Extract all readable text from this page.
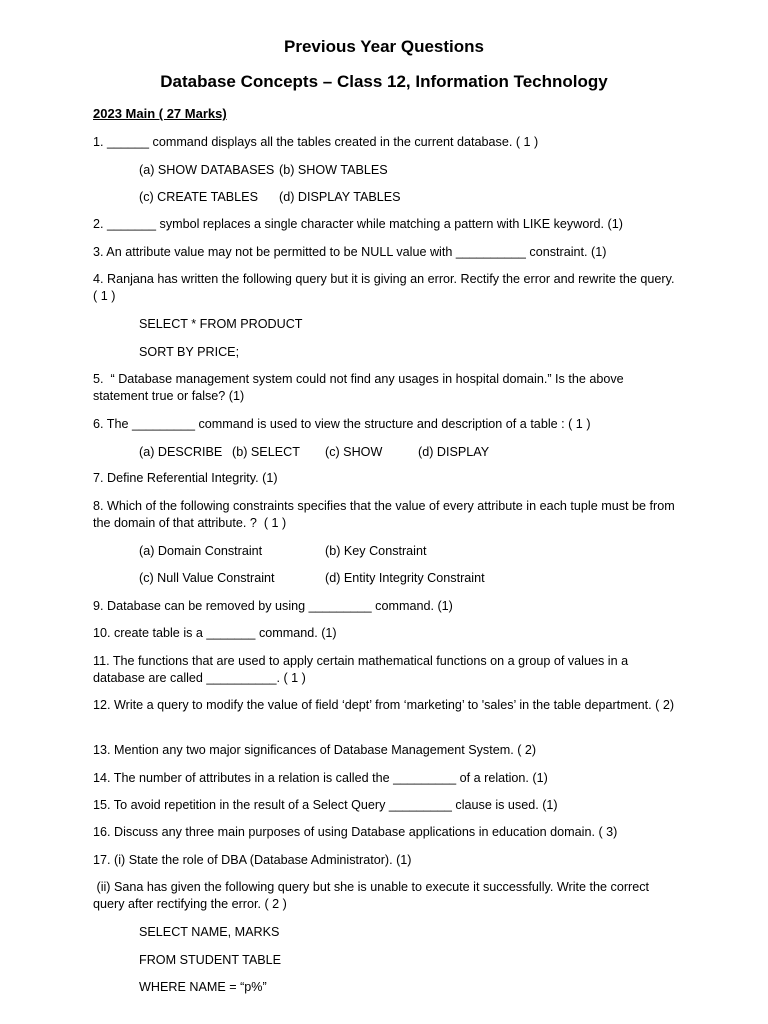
Previous Year Questions
Database Concepts – Class 12, Information Technology
2023 Main ( 27 Marks)
1. ______ command displays all the tables created in the current database. ( 1 )
(a) SHOW DATABASES (b) SHOW TABLES
(c) CREATE TABLES (d) DISPLAY TABLES
2. _______ symbol replaces a single character while matching a pattern with LIKE keyword. (1)
3. An attribute value may not be permitted to be NULL value with __________ constraint. (1)
4. Ranjana has written the following query but it is giving an error. Rectify the error and rewrite the query.  ( 1 )
SELECT * FROM PRODUCT
SORT BY PRICE;
5.  “ Database management system could not find any usages in hospital domain.” Is the above statement true or false? (1)
6. The _________ command is used to view the structure and description of a table : ( 1 )
(a) DESCRIBE (b) SELECT (c) SHOW	(d) DISPLAY
7. Define Referential Integrity. (1)
8. Which of the following constraints specifies that the value of every attribute in each tuple must be from the domain of that attribute. ?  ( 1 )
(a) Domain Constraint	(b) Key Constraint
(c) Null Value Constraint	(d) Entity Integrity Constraint
9. Database can be removed by using _________ command. (1)
10. create table is a _______ command. (1)
11. The functions that are used to apply certain mathematical functions on a group of values in a database are called __________. ( 1 )
12. Write a query to modify the value of field ‘dept’ from ‘marketing’ to 'sales’ in the table department. ( 2)
13. Mention any two major significances of Database Management System. ( 2)
14. The number of attributes in a relation is called the _________ of a relation. (1)
15. To avoid repetition in the result of a Select Query _________ clause is used. (1)
16. Discuss any three main purposes of using Database applications in education domain. ( 3)
17. (i) State the role of DBA (Database Administrator). (1)
(ii) Sana has given the following query but she is unable to execute it successfully. Write the correct query after rectifying the error. ( 2 )
SELECT NAME, MARKS
FROM STUDENT TABLE
WHERE NAME = “p%”
